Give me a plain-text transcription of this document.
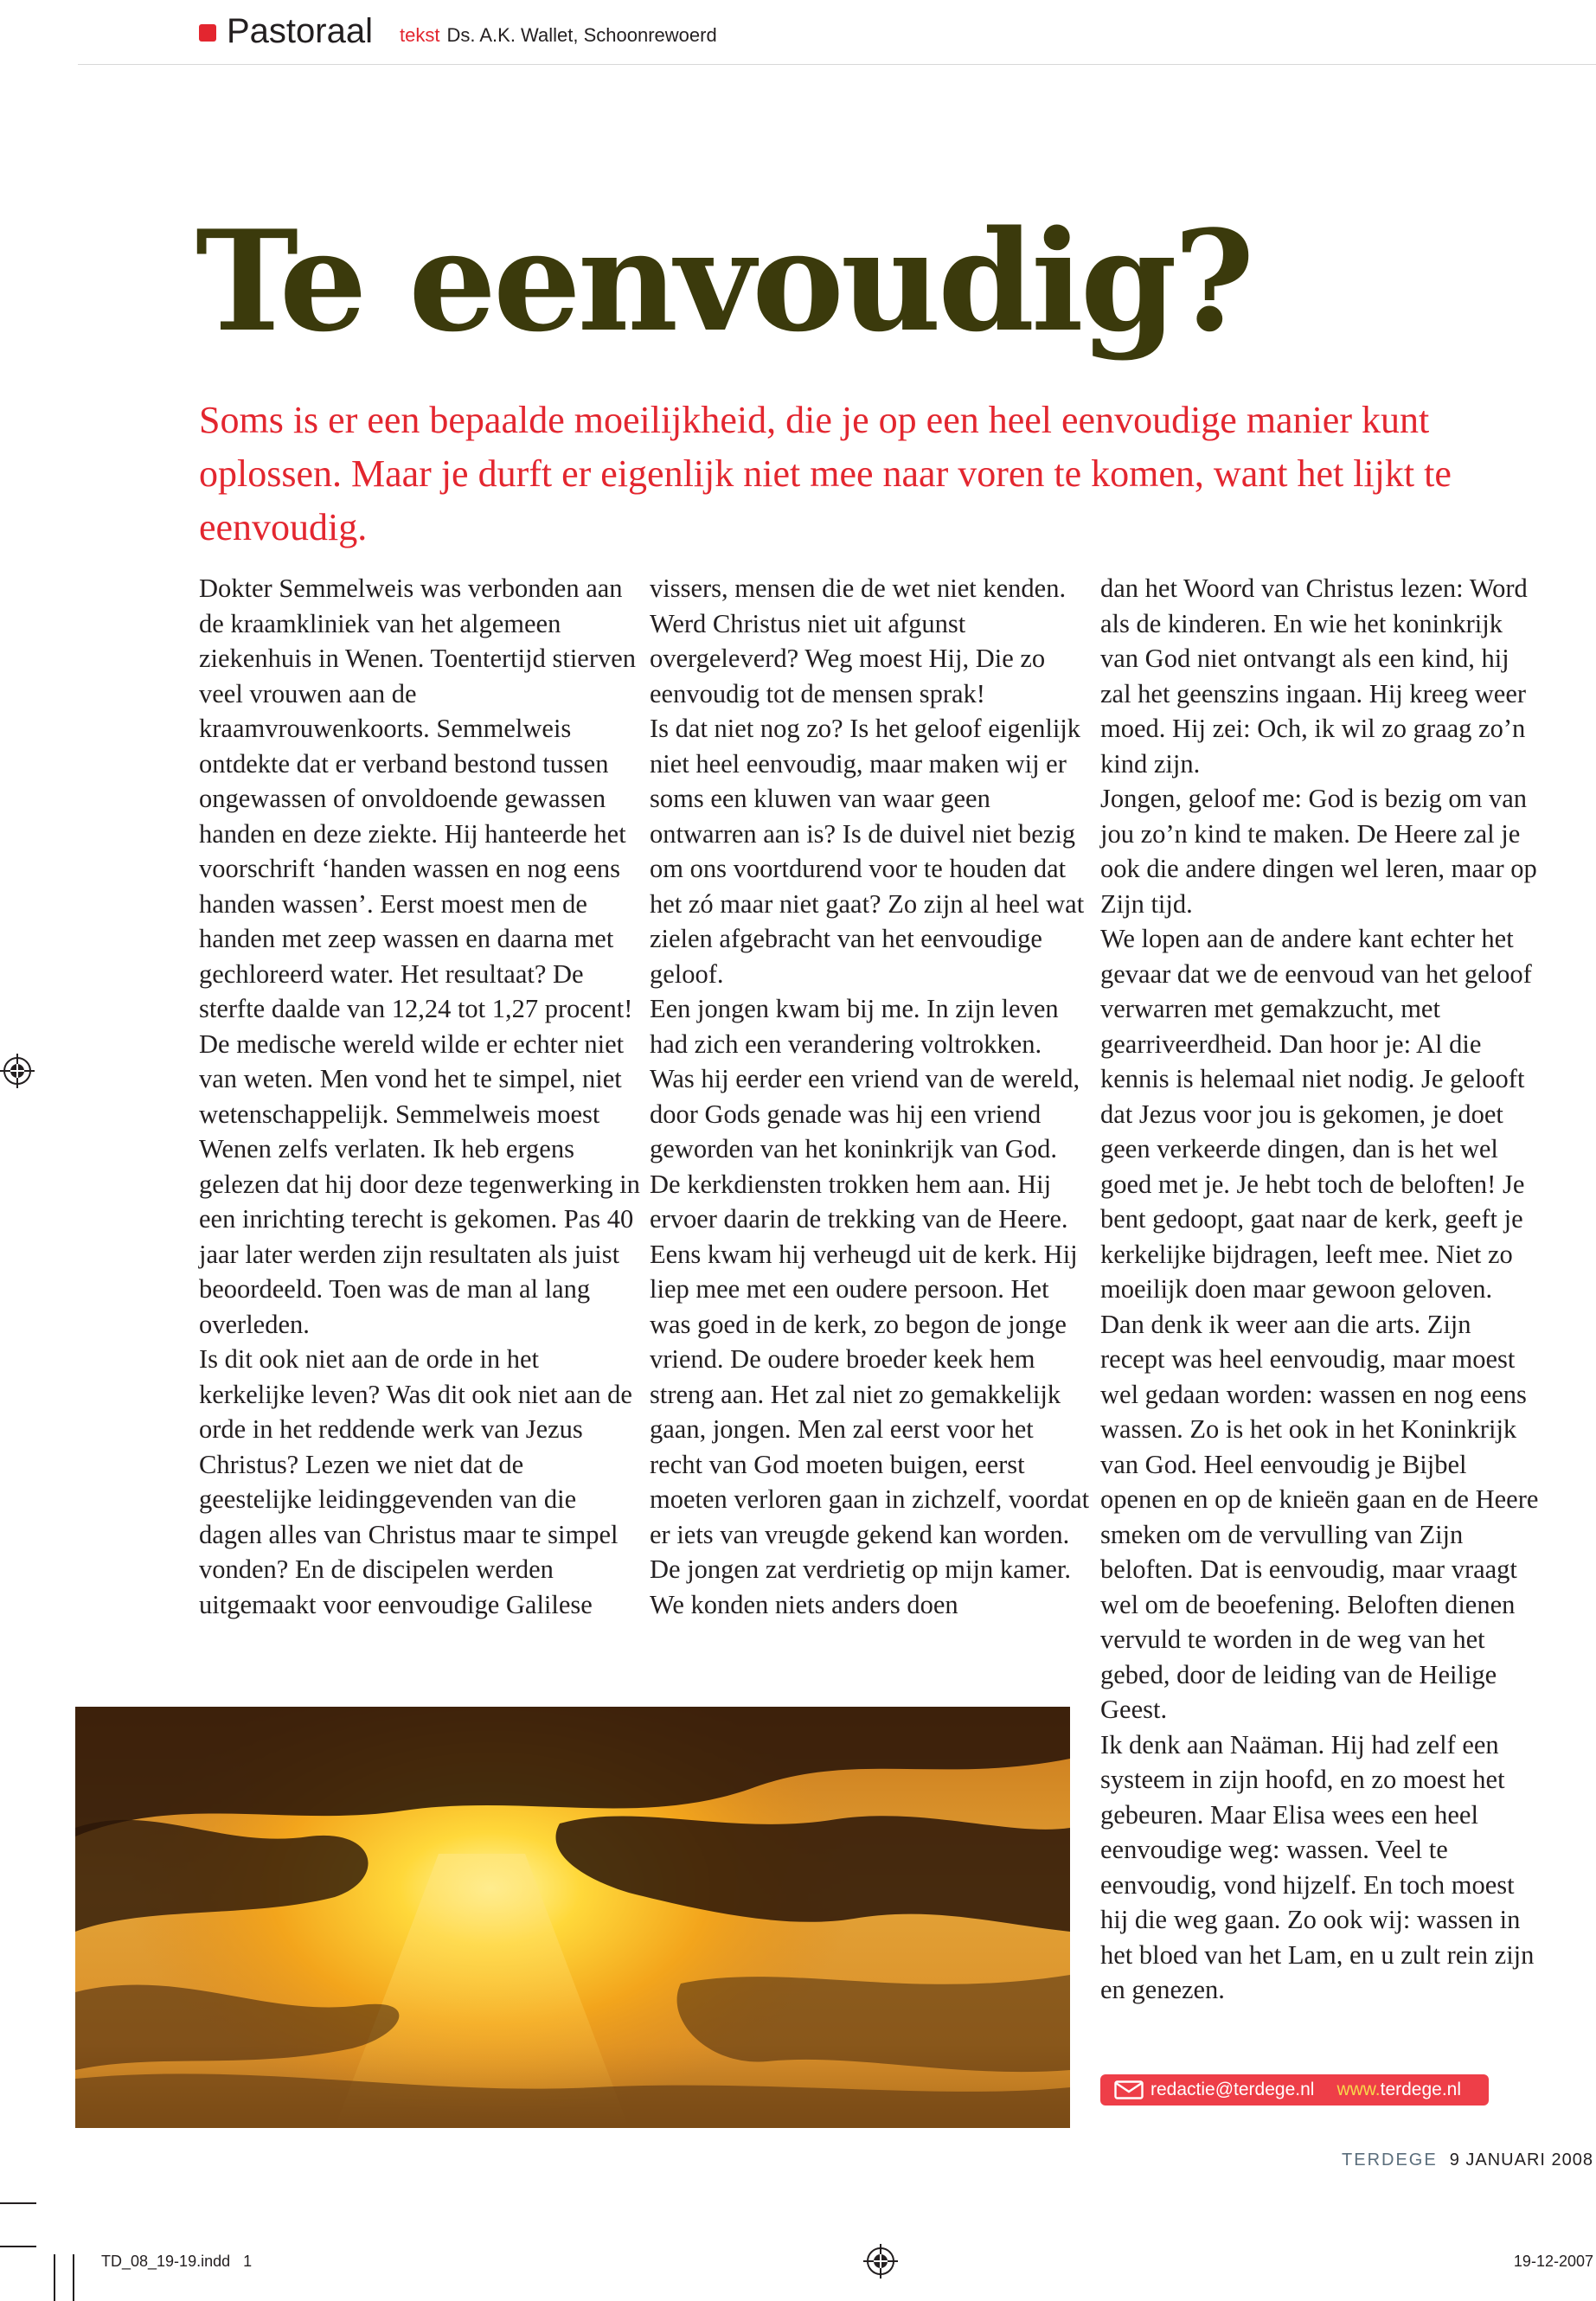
Pastoraal tekst Ds. A.K. Wallet, Schoonrewoerd
Te eenvoudig?

Soms is er een bepaalde moeilijkheid, die je op een heel eenvoudige manier kunt oplossen. Maar je durft er eigenlijk niet mee naar voren te komen, want het lijkt te eenvoudig.

Dokter Semmelweis was verbonden aan de kraamkliniek van het algemeen ziekenhuis in Wenen. Toentertijd stierven veel vrouwen aan de kraamvrouwenkoorts. Semmelweis ontdekte dat er verband bestond tussen ongewassen of onvoldoende gewassen handen en deze ziekte. Hij hanteerde het voorschrift ‘handen wassen en nog eens handen wassen’. Eerst moest men de handen met zeep wassen en daarna met gechloreerd water. Het resultaat? De sterfte daalde van 12,24 tot 1,27 procent!

De medische wereld wilde er echter niet van weten. Men vond het te simpel, niet wetenschappelijk. Semmelweis moest Wenen zelfs verlaten. Ik heb ergens gelezen dat hij door deze tegenwerking in een inrichting terecht is gekomen. Pas 40 jaar later werden zijn resultaten als juist beoordeeld. Toen was de man al lang overleden.

Is dit ook niet aan de orde in het kerkelijke leven? Was dit ook niet aan de orde in het reddende werk van Jezus Christus? Lezen we niet dat de geestelijke leidinggevenden van die dagen alles van Christus maar te simpel vonden? En de discipelen werden uitgemaakt voor eenvoudige Galilese

vissers, mensen die de wet niet kenden. Werd Christus niet uit afgunst overgeleverd? Weg moest Hij, Die zo eenvoudig tot de mensen sprak!

Is dat niet nog zo? Is het geloof eigenlijk niet heel eenvoudig, maar maken wij er soms een kluwen van waar geen ontwarren aan is? Is de duivel niet bezig om ons voortdurend voor te houden dat het zó maar niet gaat? Zo zijn al heel wat zielen afgebracht van het eenvoudige geloof.

Een jongen kwam bij me. In zijn leven had zich een verandering voltrokken. Was hij eerder een vriend van de wereld, door Gods genade was hij een vriend geworden van het koninkrijk van God. De kerkdiensten trokken hem aan. Hij ervoer daarin de trekking van de Heere. Eens kwam hij verheugd uit de kerk. Hij liep mee met een oudere persoon. Het was goed in de kerk, zo begon de jonge vriend. De oudere broeder keek hem streng aan. Het zal niet zo gemakkelijk gaan, jongen. Men zal eerst voor het recht van God moeten buigen, eerst moeten verloren gaan in zichzelf, voordat er iets van vreugde gekend kan worden. De jongen zat verdrietig op mijn kamer. We konden niets anders doen

dan het Woord van Christus lezen: Word als de kinderen. En wie het koninkrijk van God niet ontvangt als een kind, hij zal het geenszins ingaan. Hij kreeg weer moed. Hij zei: Och, ik wil zo graag zo’n kind zijn.

Jongen, geloof me: God is bezig om van jou zo’n kind te maken. De Heere zal je ook die andere dingen wel leren, maar op Zijn tijd.

We lopen aan de andere kant echter het gevaar dat we de eenvoud van het geloof verwarren met gemakzucht, met gearriveerdheid. Dan hoor je: Al die kennis is helemaal niet nodig. Je gelooft dat Jezus voor jou is gekomen, je doet geen verkeerde dingen, dan is het wel goed met je. Je hebt toch de beloften! Je bent gedoopt, gaat naar de kerk, geeft je kerkelijke bijdragen, leeft mee. Niet zo moeilijk doen maar gewoon geloven.

Dan denk ik weer aan die arts. Zijn recept was heel eenvoudig, maar moest wel gedaan worden: wassen en nog eens wassen. Zo is het ook in het Koninkrijk van God. Heel eenvoudig je Bijbel openen en op de knieën gaan en de Heere smeken om de vervulling van Zijn beloften. Dat is eenvoudig, maar vraagt wel om de beoefening. Beloften dienen vervuld te worden in de weg van het gebed, door de leiding van de Heilige Geest.

Ik denk aan Naäman. Hij had zelf een systeem in zijn hoofd, en zo moest het gebeuren. Maar Elisa wees een heel eenvoudige weg: wassen. Veel te eenvoudig, vond hijzelf. En toch moest hij die weg gaan. Zo ook wij: wassen in het bloed van het Lam, en u zult rein zijn en genezen.

redactie@terdege.nl www.terdege.nl
TERDEGE 9 JANUARI 2008
TD_08_19-19.indd   1	19-12-2007
